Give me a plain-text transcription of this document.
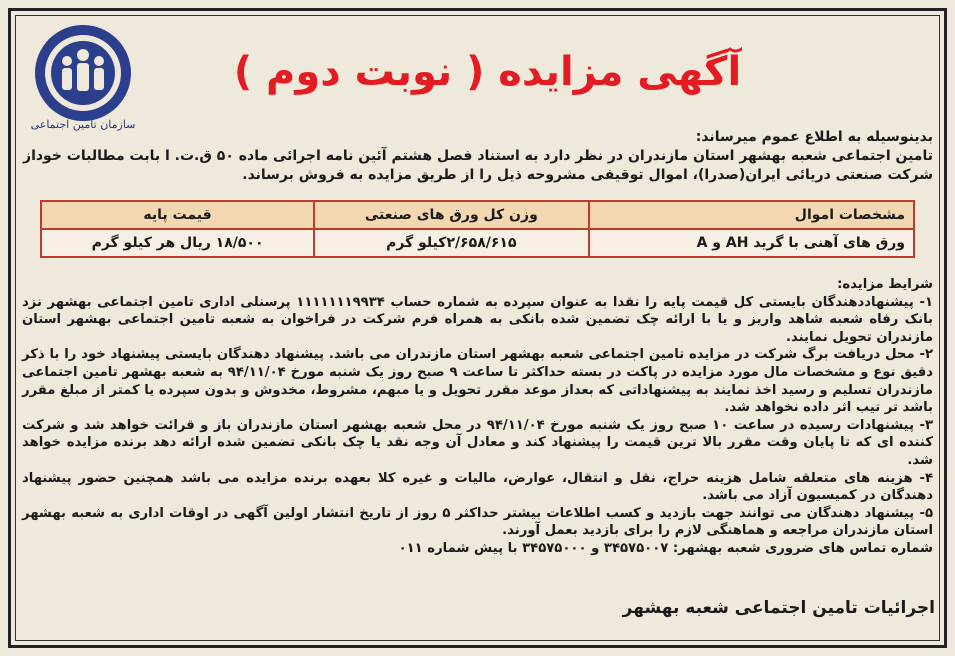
سازمان تامین اجتماعی
آگهی مزایده ( نوبت دوم )

بدینوسیله به اطلاع عموم میرساند:

تامین اجتماعی شعبه بهشهر استان مازندران در نظر دارد به استناد فصل هشتم آئین نامه اجرائی ماده ۵۰ ق.ت. ا بابت مطالبات خوداز

شرکت صنعتی دریائی ایران(صدرا)، اموال توقیفی مشروحه ذیل را از طریق مزایده به فروش برساند.

مشخصات اموال	وزن کل ورق های صنعتی	قیمت پایه
ورق های آهنی با گرید AH و A	۲/۶۵۸/۶۱۵کیلو گرم	۱۸/۵۰۰ ریال هر کیلو گرم

شرایط مزایده:

۱- پیشنهاددهندگان بایستی کل قیمت پایه را نقدا به عنوان سپرده به شماره حساب ۱۱۱۱۱۱۱۹۹۳۴ پرسنلی اداری تامین اجتماعی بهشهر نزد بانک رفاه شعبه شاهد واریز و یا با ارائه چک تضمین شده بانکی به همراه فرم شرکت در فراخوان به شعبه تامین اجتماعی بهشهر استان مازندران تحویل نمایند.

۲- محل دریافت برگ شرکت در مزایده تامین اجتماعی شعبه بهشهر استان مازندران می باشد. پیشنهاد دهندگان بایستی پیشنهاد خود را با ذکر دقیق نوع و مشخصات مال مورد مزایده در پاکت در بسته حداکثر تا ساعت ۹ صبح روز یک شنبه مورخ ۹۴/۱۱/۰۴ به شعبه بهشهر تامین اجتماعی مازندران تسلیم و رسید اخذ نمایند به پیشنهاداتی که بعداز موعد مقرر تحویل و یا مبهم، مشروط، مخدوش و بدون سپرده یا کمتر از مبلغ مقرر باشد تر تیب اثر داده نخواهد شد.

۳- پیشنهادات رسیده در ساعت ۱۰ صبح روز یک شنبه مورخ ۹۴/۱۱/۰۴ در محل شعبه بهشهر استان مازندران باز و قرائت خواهد شد و شرکت کننده ای که تا پایان وقت مقرر بالا ترین قیمت را پیشنهاد کند و معادل آن وجه نقد یا چک بانکی تضمین شده ارائه دهد برنده مزایده خواهد شد.

۴- هزینه های متعلقه شامل هزینه حراج، نقل و انتقال، عوارض، مالیات و غیره کلا بعهده برنده مزایده می باشد همچنین حضور پیشنهاد دهندگان در کمیسیون آزاد می باشد.

۵- پیشنهاد دهندگان می توانند جهت بازدید و کسب اطلاعات بیشتر حداکثر ۵ روز از تاریخ انتشار اولین آگهی در اوقات اداری به شعبه بهشهر استان مازندران مراجعه و هماهنگی لازم را برای بازدید بعمل آورند.

شماره تماس های ضروری شعبه بهشهر: ۳۴۵۷۵۰۰۷ و ۳۴۵۷۵۰۰۰ با پیش شماره ۰۱۱

اجرائیات تامین اجتماعی شعبه بهشهر
